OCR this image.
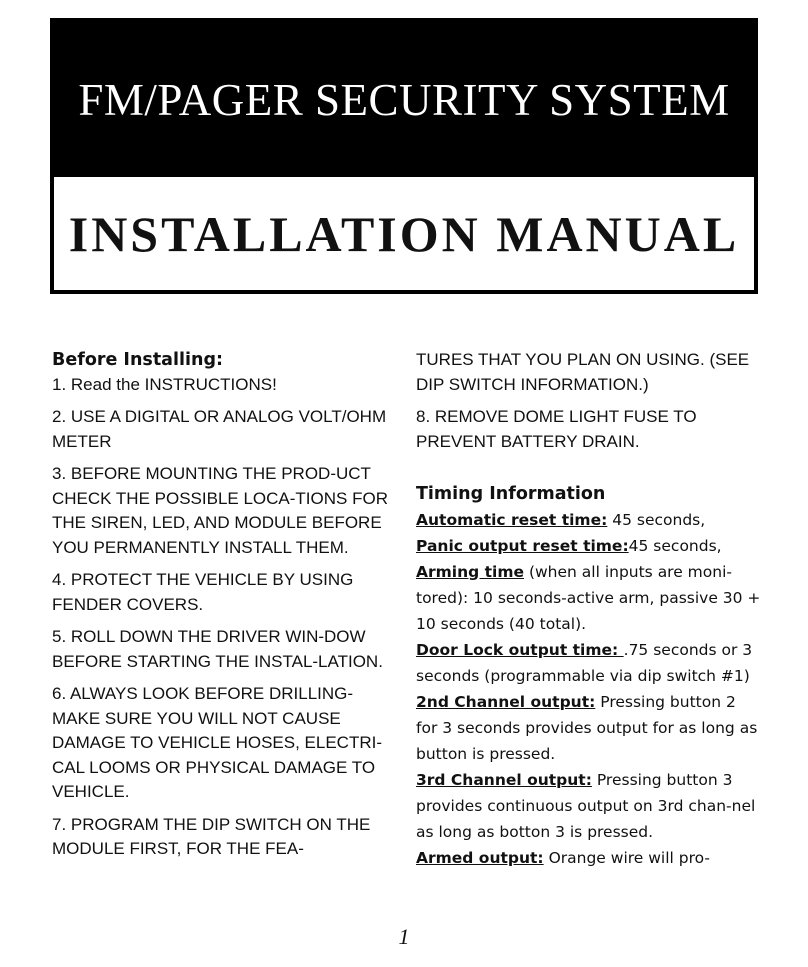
FM/PAGER SECURITY SYSTEM
INSTALLATION MANUAL

Before Installing:

1. Read the INSTRUCTIONS!

2. USE A DIGITAL OR ANALOG VOLT/OHM METER

3. BEFORE MOUNTING THE PROD-UCT CHECK THE POSSIBLE LOCA-TIONS FOR THE SIREN, LED, AND MODULE BEFORE YOU PERMANENTLY INSTALL THEM.

4. PROTECT THE VEHICLE BY USING FENDER COVERS.

5. ROLL DOWN THE DRIVER WIN-DOW BEFORE STARTING THE INSTAL-LATION.

6. ALWAYS LOOK BEFORE DRILLING-MAKE SURE YOU WILL NOT CAUSE DAMAGE TO VEHICLE HOSES, ELECTRI-CAL LOOMS OR PHYSICAL DAMAGE TO VEHICLE.

7. PROGRAM THE DIP SWITCH ON THE MODULE FIRST, FOR THE FEA-

TURES THAT YOU PLAN ON USING. (SEE DIP SWITCH INFORMATION.)

8. REMOVE DOME LIGHT FUSE TO PREVENT BATTERY DRAIN.

Timing Information

Automatic reset time: 45 seconds,

Panic output reset time:45 seconds,

Arming time (when all inputs are moni-tored): 10 seconds-active arm, passive 30 + 10 seconds (40 total).

Door Lock output time: .75 seconds or 3 seconds (programmable via dip switch #1)

2nd Channel output: Pressing button 2 for 3 seconds provides output for as long as button is pressed.

3rd Channel output: Pressing button 3 provides continuous output on 3rd chan-nel as long as botton 3 is pressed.

Armed output: Orange wire will pro-

1
